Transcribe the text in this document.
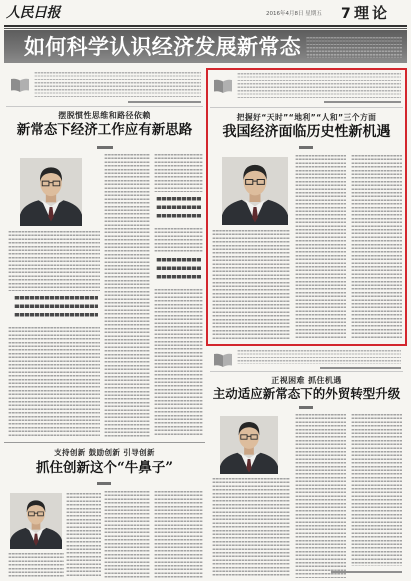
人民日报	2016年4月8日 星期五 7 理论
如何科学认识经济发展新常态
摆脱惯性思维和路径依赖
新常态下经济工作应有新思路
支持创新 鼓励创新 引导创新
抓住创新这个“牛鼻子”
把握好“天时”“地利”“人和”三个方面
我国经济面临历史性新机遇
正视困难 抓住机遇
主动适应新常态下的外贸转型升级
